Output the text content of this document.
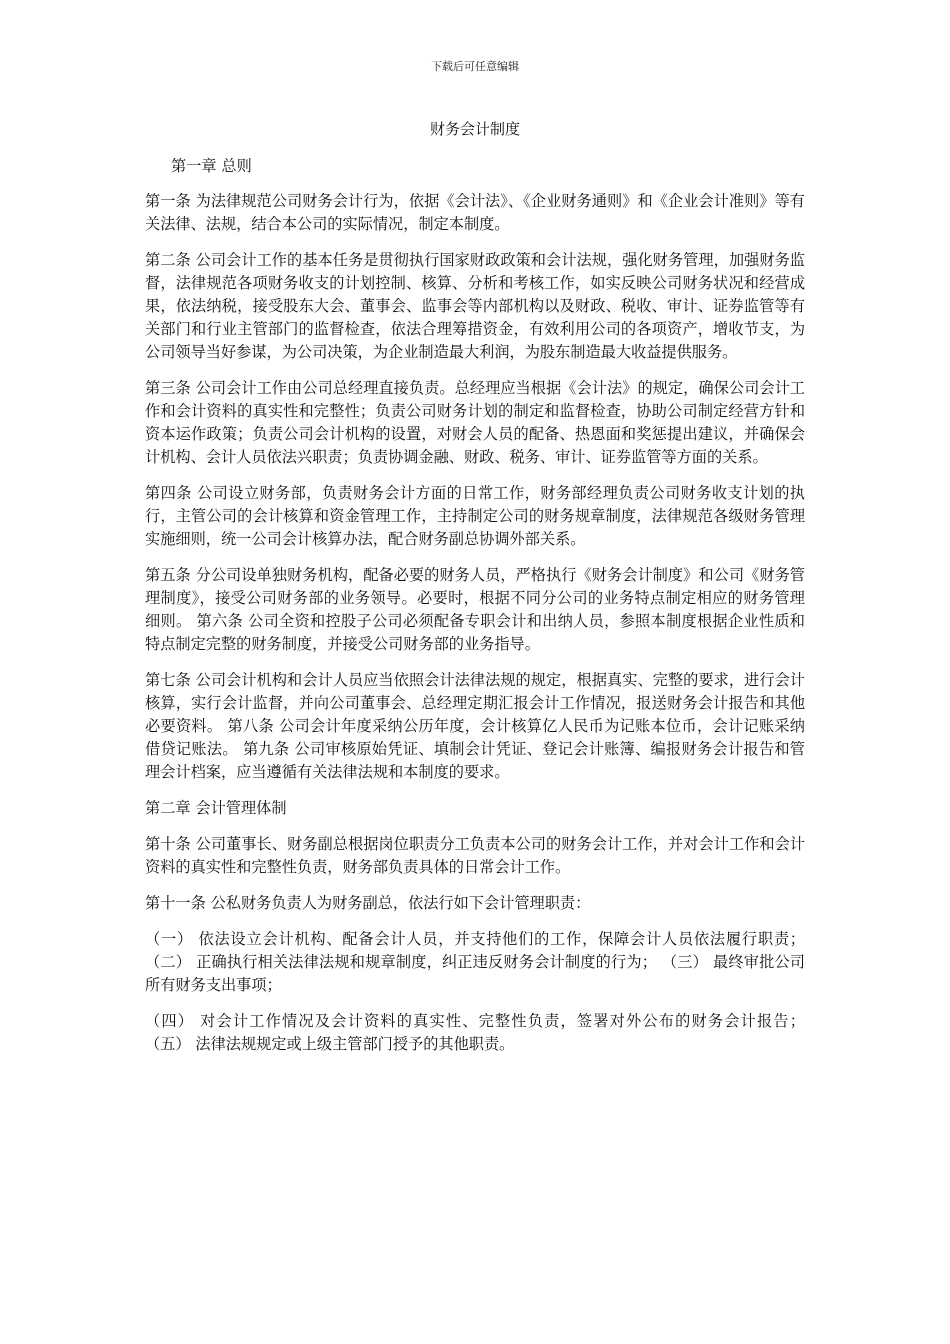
下载后可任意编辑
财务会计制度
第一章 总则

第一条 为法律规范公司财务会计行为，依据《会计法》、《企业财务通则》和《企业会计准则》等有关法律、法规，结合本公司的实际情况，制定本制度。

第二条 公司会计工作的基本任务是贯彻执行国家财政政策和会计法规，强化财务管理，加强财务监督，法律规范各项财务收支的计划控制、核算、分析和考核工作，如实反映公司财务状况和经营成果，依法纳税，接受股东大会、董事会、监事会等内部机构以及财政、税收、审计、证券监管等有关部门和行业主管部门的监督检查，依法合理筹措资金，有效利用公司的各项资产，增收节支，为公司领导当好参谋，为公司决策，为企业制造最大利润，为股东制造最大收益提供服务。

第三条 公司会计工作由公司总经理直接负责。总经理应当根据《会计法》的规定，确保公司会计工作和会计资料的真实性和完整性；负责公司财务计划的制定和监督检查，协助公司制定经营方针和资本运作政策；负责公司会计机构的设置，对财会人员的配备、热恩面和奖惩提出建议，并确保会计机构、会计人员依法兴职责；负责协调金融、财政、税务、审计、证券监管等方面的关系。

第四条 公司设立财务部，负责财务会计方面的日常工作，财务部经理负责公司财务收支计划的执行，主管公司的会计核算和资金管理工作，主持制定公司的财务规章制度，法律规范各级财务管理实施细则，统一公司会计核算办法，配合财务副总协调外部关系。

第五条 分公司设单独财务机构，配备必要的财务人员，严格执行《财务会计制度》和公司《财务管理制度》，接受公司财务部的业务领导。必要时，根据不同分公司的业务特点制定相应的财务管理细则。 第六条 公司全资和控股子公司必须配备专职会计和出纳人员，参照本制度根据企业性质和特点制定完整的财务制度，并接受公司财务部的业务指导。

第七条 公司会计机构和会计人员应当依照会计法律法规的规定，根据真实、完整的要求，进行会计核算，实行会计监督，并向公司董事会、总经理定期汇报会计工作情况，报送财务会计报告和其他必要资料。 第八条 公司会计年度采纳公历年度，会计核算亿人民币为记账本位币，会计记账采纳借贷记账法。 第九条 公司审核原始凭证、填制会计凭证、登记会计账簿、编报财务会计报告和管理会计档案，应当遵循有关法律法规和本制度的要求。

第二章 会计管理体制

第十条 公司董事长、财务副总根据岗位职责分工负责本公司的财务会计工作，并对会计工作和会计资料的真实性和完整性负责，财务部负责具体的日常会计工作。

第十一条 公私财务负责人为财务副总，依法行如下会计管理职责：

（一） 依法设立会计机构、配备会计人员，并支持他们的工作，保障会计人员依法履行职责； （二） 正确执行相关法律法规和规章制度，纠正违反财务会计制度的行为； （三） 最终审批公司所有财务支出事项；

（四） 对会计工作情况及会计资料的真实性、完整性负责，签署对外公布的财务会计报告； （五） 法律法规规定或上级主管部门授予的其他职责。
